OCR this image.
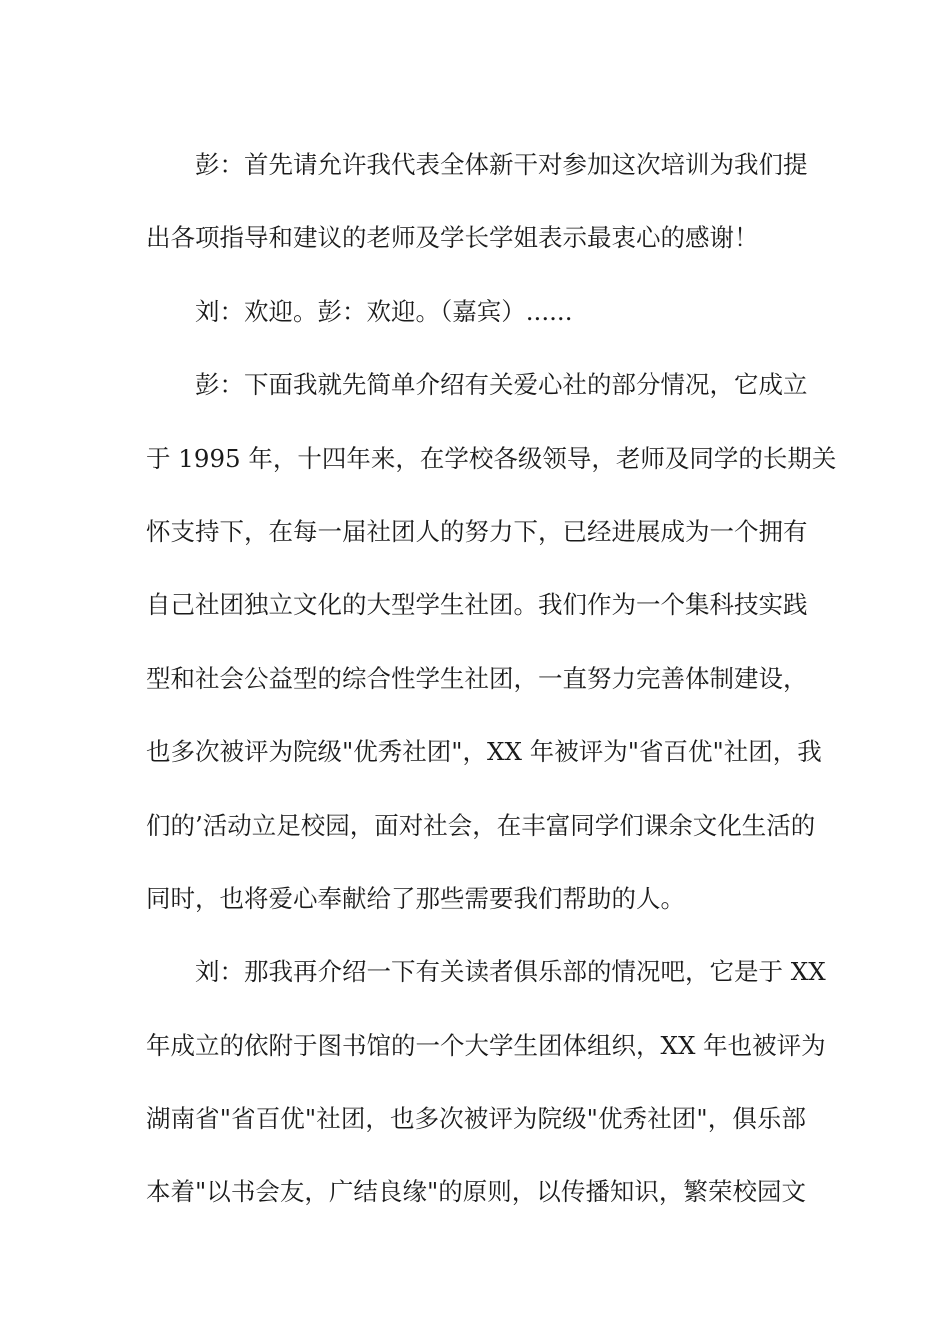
彭：首先请允许我代表全体新干对参加这次培训为我们提
出各项指导和建议的老师及学长学姐表示最衷心的感谢！
刘：欢迎。彭：欢迎。（嘉宾）......
彭：下面我就先简单介绍有关爱心社的部分情况，它成立
于 1995 年，十四年来，在学校各级领导，老师及同学的长期关
怀支持下，在每一届社团人的努力下，已经进展成为一个拥有
自己社团独立文化的大型学生社团。我们作为一个集科技实践
型和社会公益型的综合性学生社团，一直努力完善体制建设，
也多次被评为院级"优秀社团"，XX 年被评为"省百优"社团，我
们的’活动立足校园，面对社会，在丰富同学们课余文化生活的
同时，也将爱心奉献给了那些需要我们帮助的人。
刘：那我再介绍一下有关读者俱乐部的情况吧，它是于 XX
年成立的依附于图书馆的一个大学生团体组织，XX 年也被评为
湖南省"省百优"社团，也多次被评为院级"优秀社团"，俱乐部
本着"以书会友，广结良缘"的原则，以传播知识，繁荣校园文
